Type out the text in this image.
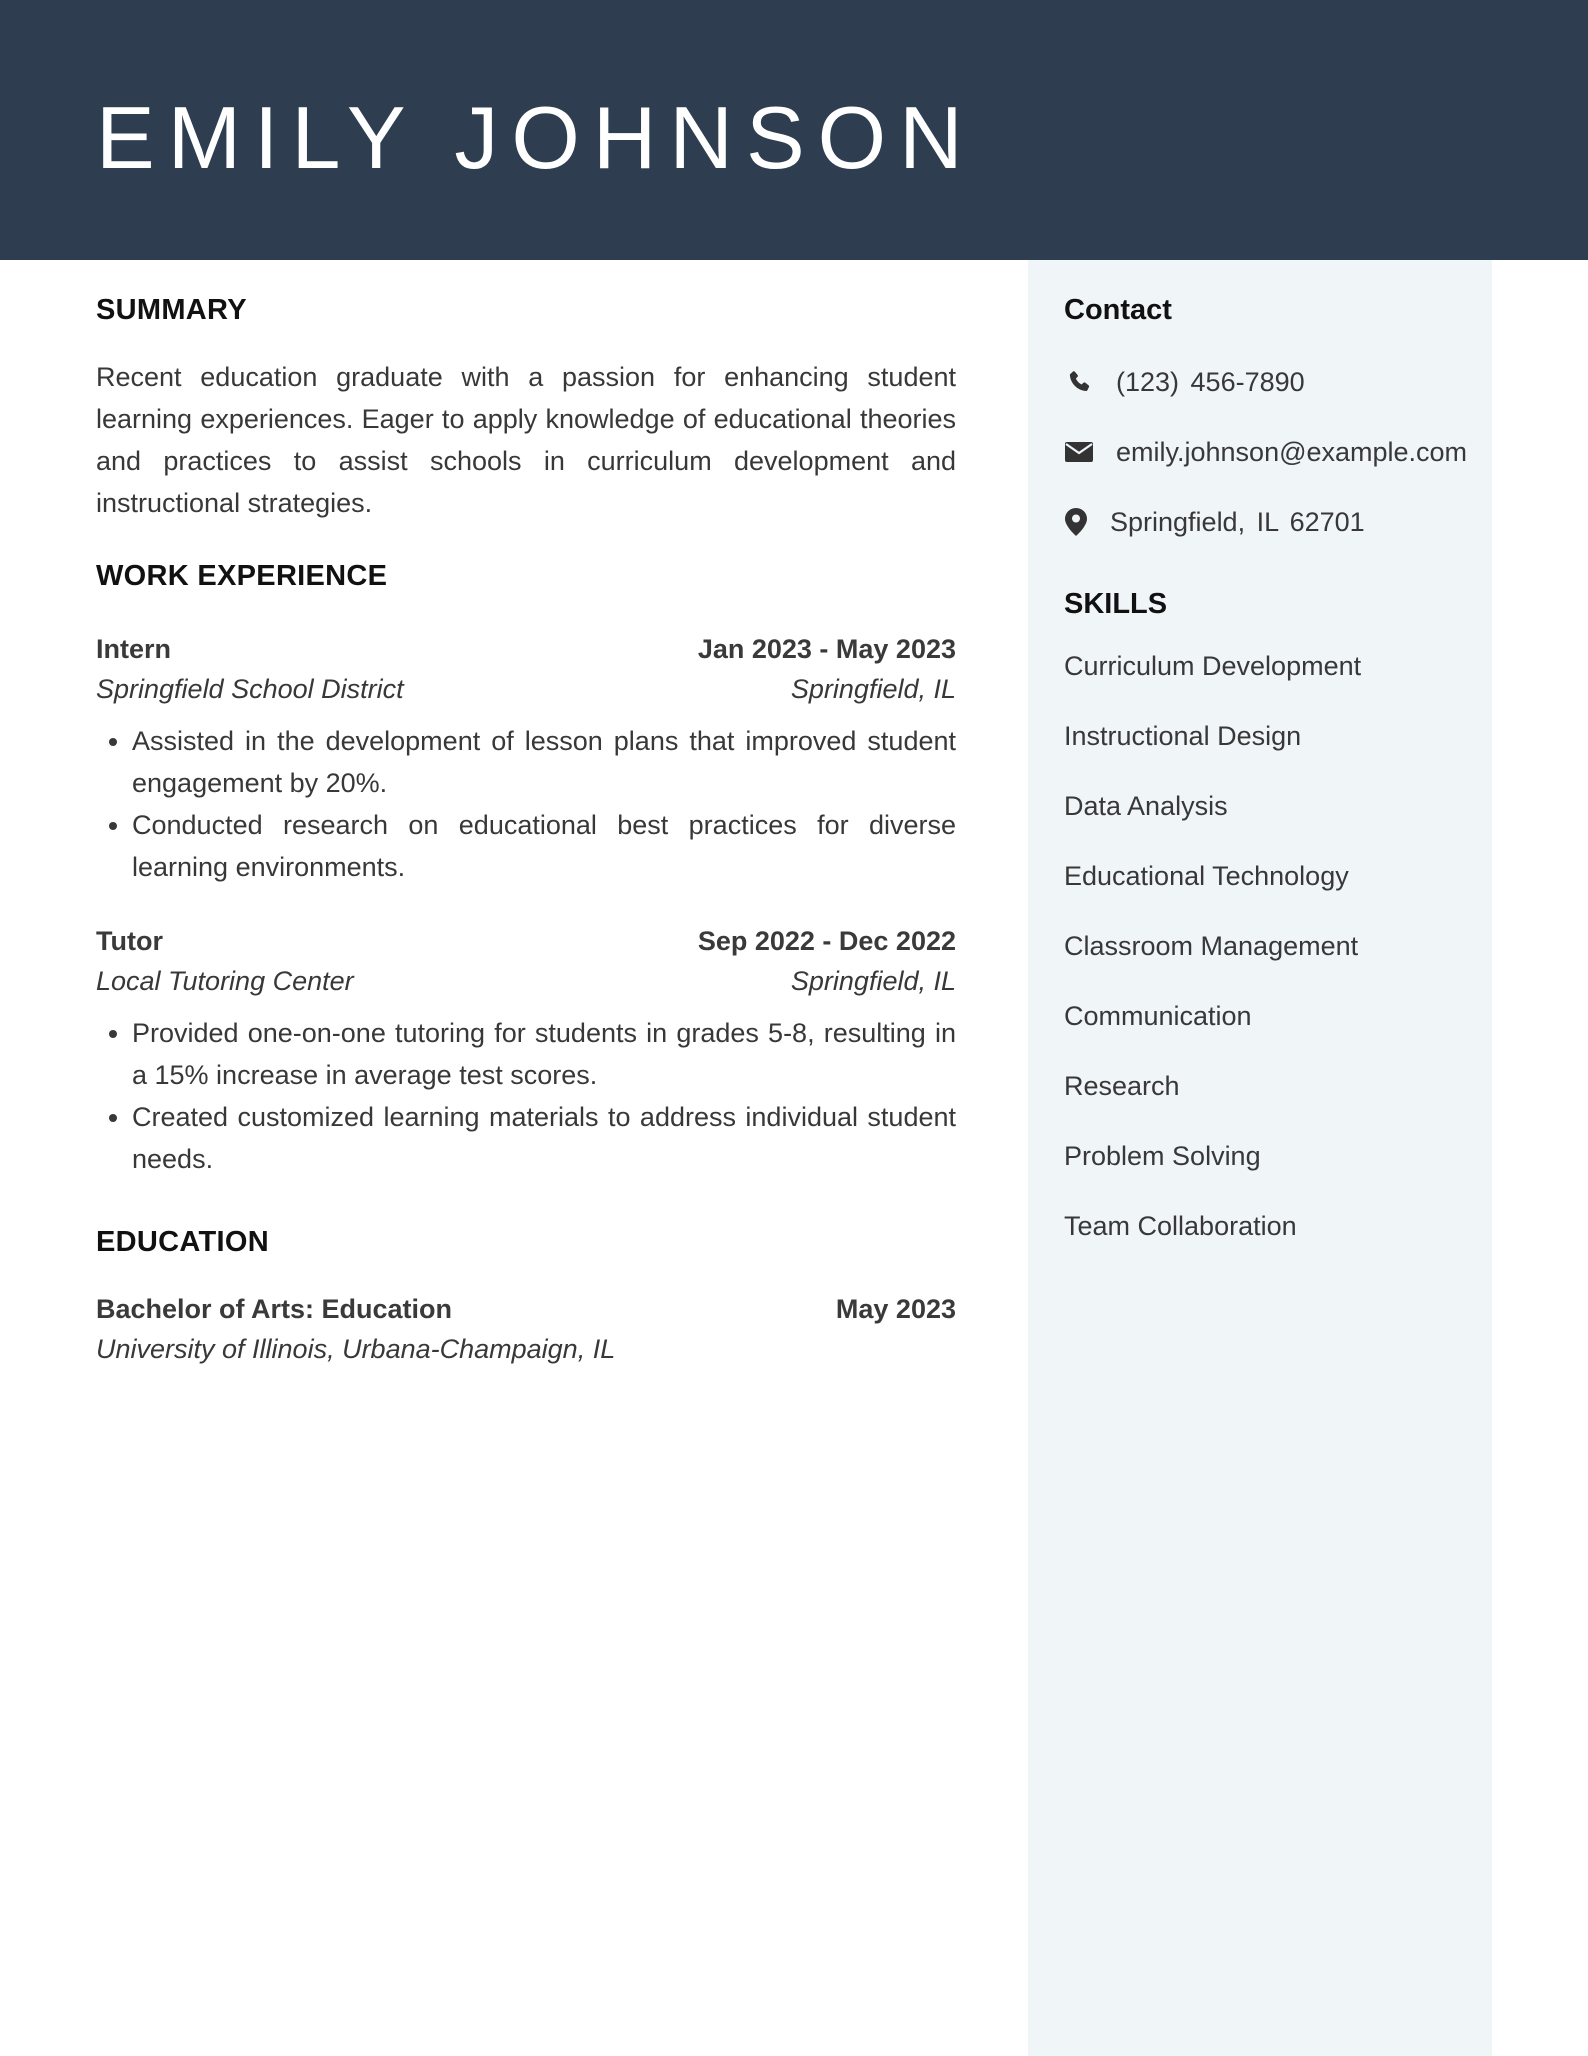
EMILY JOHNSON
Contact
(123) 456-7890
emily.johnson@example.com
Springfield, IL 62701
SKILLS
Curriculum Development
Instructional Design
Data Analysis
Educational Technology
Classroom Management
Communication
Research
Problem Solving
Team Collaboration
SUMMARY

Recent education graduate with a passion for enhancing student learning experiences. Eager to apply knowledge of educational theories and practices to assist schools in curriculum development and instructional strategies.

WORK EXPERIENCE
Intern	Jan 2023 - May 2023
Springfield School District	Springfield, IL
• Assisted in the development of lesson plans that improved student engagement by 20%.
• Conducted research on educational best practices for diverse learning environments.
Tutor	Sep 2022 - Dec 2022
Local Tutoring Center	Springfield, IL
• Provided one-on-one tutoring for students in grades 5-8, resulting in a 15% increase in average test scores.
• Created customized learning materials to address individual student needs.
EDUCATION
Bachelor of Arts: Education	May 2023
University of Illinois, Urbana-Champaign, IL
